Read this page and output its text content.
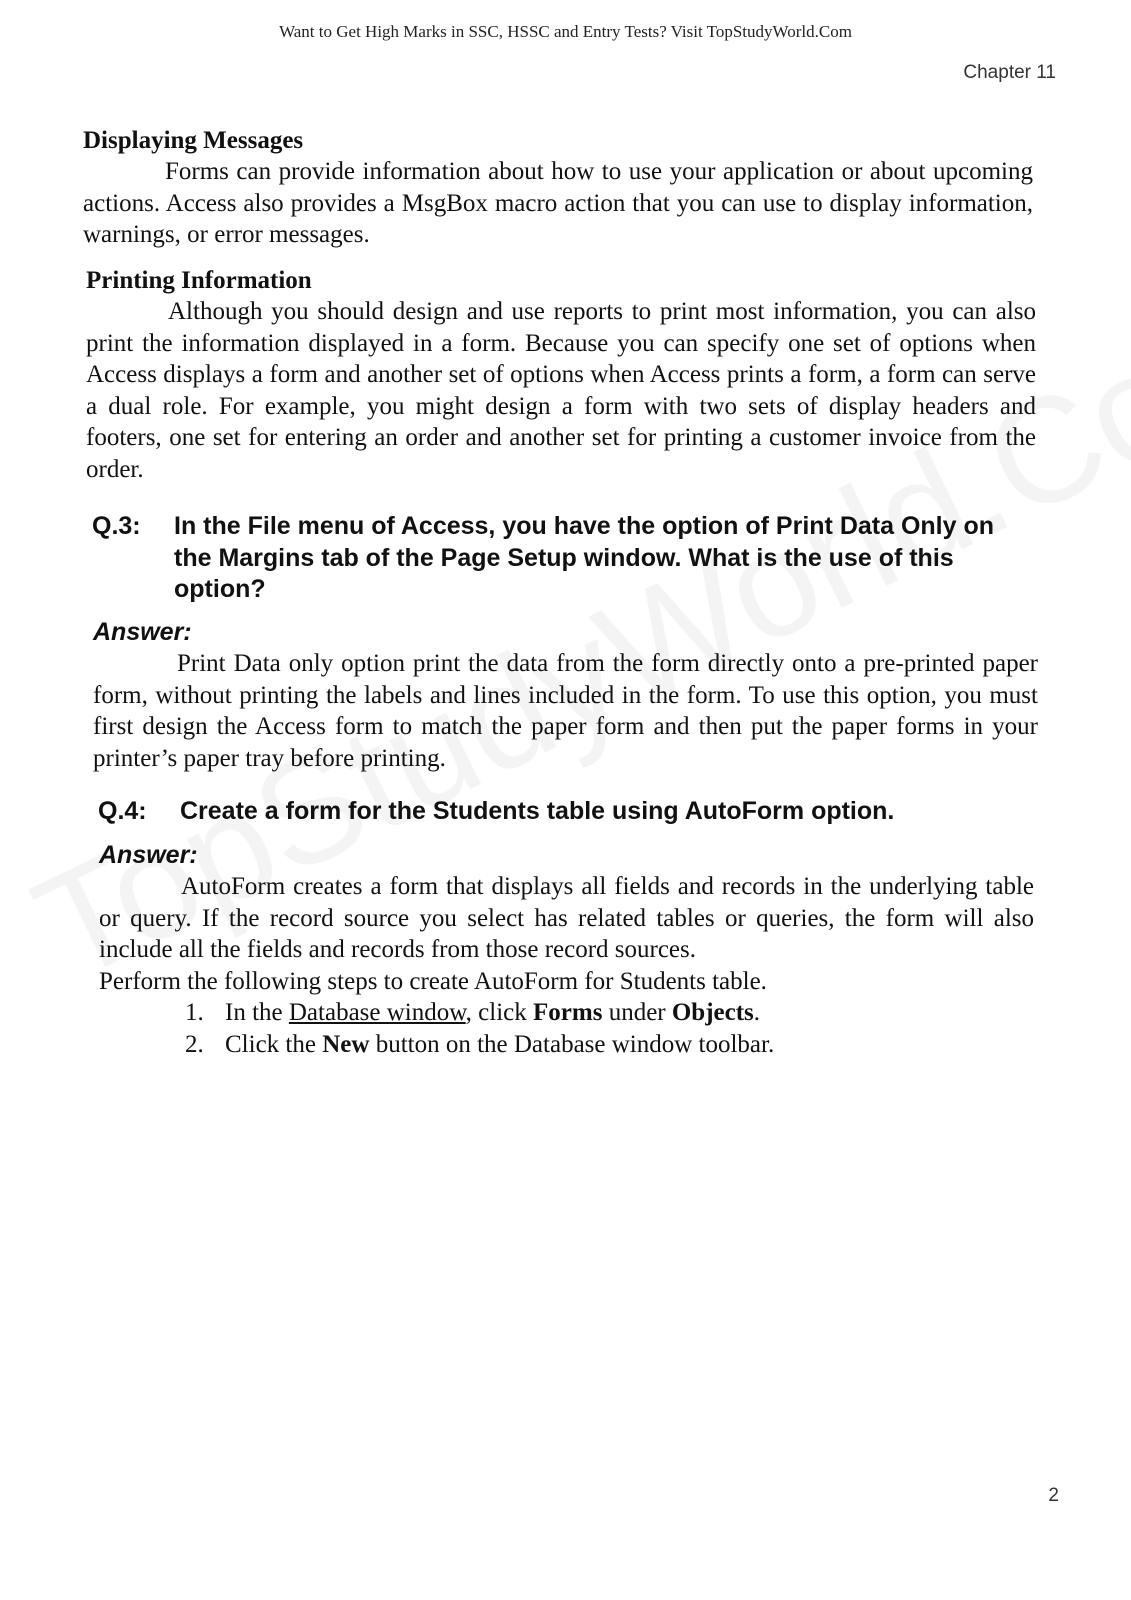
Want to Get High Marks in SSC, HSSC and Entry Tests? Visit TopStudyWorld.Com
Chapter 11
Displaying Messages
Forms can provide information about how to use your application or about upcoming actions. Access also provides a MsgBox macro action that you can use to display information, warnings, or error messages.
Printing Information
Although you should design and use reports to print most information, you can also print the information displayed in a form. Because you can specify one set of options when Access displays a form and another set of options when Access prints a form, a form can serve a dual role. For example, you might design a form with two sets of display headers and footers, one set for entering an order and another set for printing a customer invoice from the order.
Q.3:	In the File menu of Access, you have the option of Print Data Only on the Margins tab of the Page Setup window. What is the use of this option?
Answer:
Print Data only option print the data from the form directly onto a pre-printed paper form, without printing the labels and lines included in the form. To use this option, you must first design the Access form to match the paper form and then put the paper forms in your printer’s paper tray before printing.
Q.4:	Create a form for the Students table using AutoForm option.
Answer:
AutoForm creates a form that displays all fields and records in the underlying table or query. If the record source you select has related tables or queries, the form will also include all the fields and records from those record sources.
Perform the following steps to create AutoForm for Students table.
1. In the Database window, click Forms under Objects.
2. Click the New button on the Database window toolbar.
2
